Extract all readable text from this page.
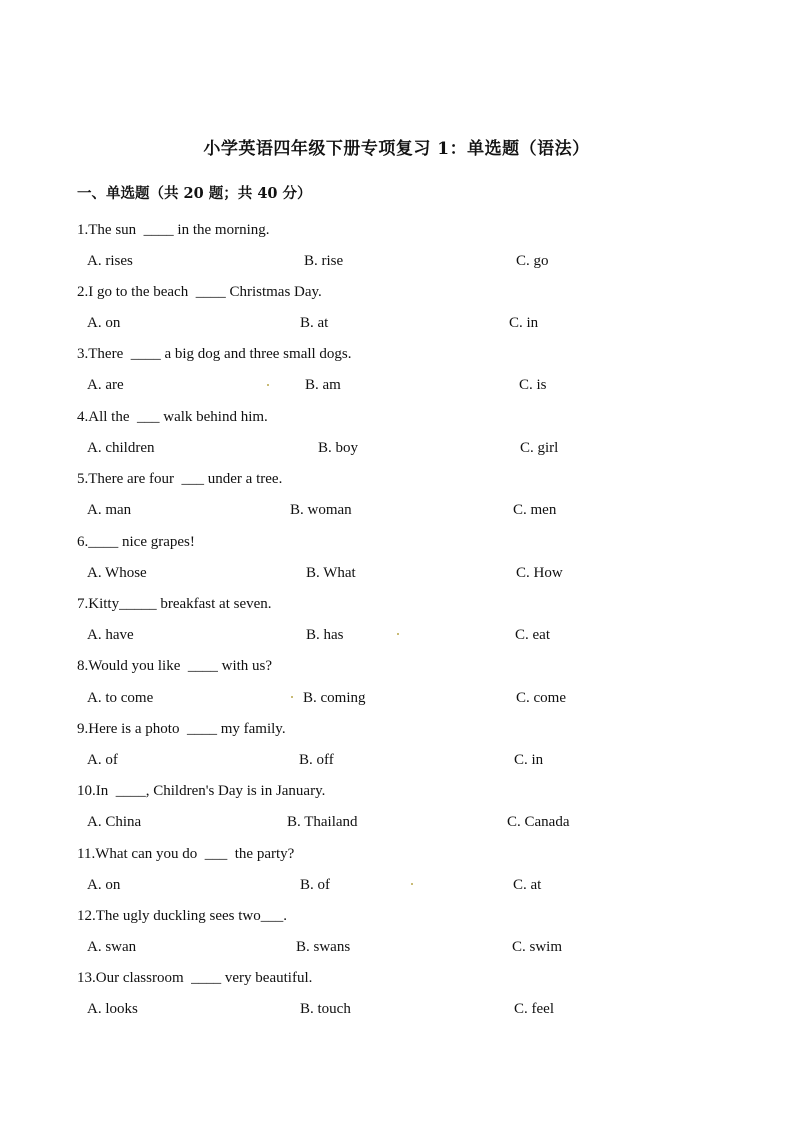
小学英语四年级下册专项复习 1：单选题（语法）
一、单选题（共 20 题；共 40 分）
1.The sun  ____ in the morning.
A. rises	B. rise	C. go
2.I go to the beach  ____ Christmas Day.
A. on	B. at	C. in
3.There  ____ a big dog and three small dogs.
A. are	B. am	C. is
4.All the  ___ walk behind him.
A. children	B. boy	C. girl
5.There are four  ___ under a tree.
A. man	B. woman	C. men
6.____ nice grapes!
A. Whose	B. What	C. How
7.Kitty_____ breakfast at seven.
A. have	B. has	C. eat
8.Would you like  ____ with us?
A. to come	B. coming	C. come
9.Here is a photo  ____ my family.
A. of	B. off	C. in
10.In  ____, Children's Day is in January.
A. China	B. Thailand	C. Canada
11.What can you do  ___  the party?
A. on	B. of	C. at
12.The ugly duckling sees two___.
A. swan	B. swans	C. swim
13.Our classroom  ____ very beautiful.
A. looks	B. touch	C. feel
